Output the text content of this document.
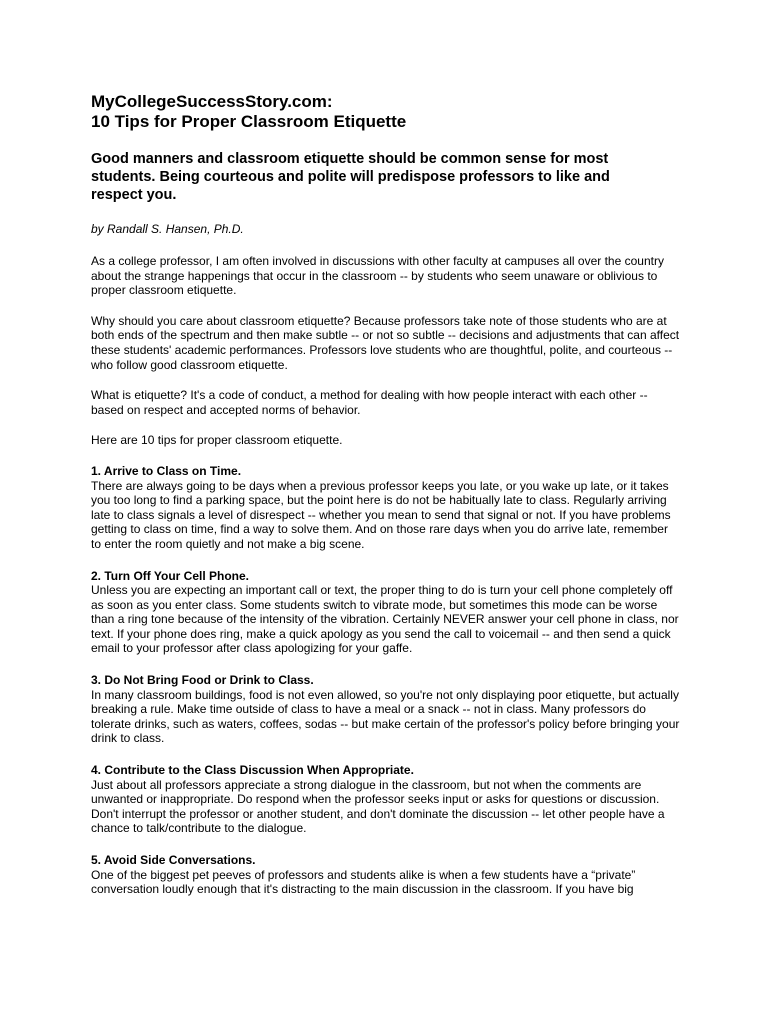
MyCollegeSuccessStory.com:
10 Tips for Proper Classroom Etiquette
Good manners and classroom etiquette should be common sense for most students. Being courteous and polite will predispose professors to like and respect you.
by Randall S. Hansen, Ph.D.

As a college professor, I am often involved in discussions with other faculty at campuses all over the country about the strange happenings that occur in the classroom -- by students who seem unaware or oblivious to proper classroom etiquette.

Why should you care about classroom etiquette? Because professors take note of those students who are at both ends of the spectrum and then make subtle -- or not so subtle -- decisions and adjustments that can affect these students' academic performances. Professors love students who are thoughtful, polite, and courteous -- who follow good classroom etiquette.

What is etiquette? It's a code of conduct, a method for dealing with how people interact with each other -- based on respect and accepted norms of behavior.

Here are 10 tips for proper classroom etiquette.

1. Arrive to Class on Time.
There are always going to be days when a previous professor keeps you late, or you wake up late, or it takes you too long to find a parking space, but the point here is do not be habitually late to class. Regularly arriving late to class signals a level of disrespect -- whether you mean to send that signal or not. If you have problems getting to class on time, find a way to solve them. And on those rare days when you do arrive late, remember to enter the room quietly and not make a big scene.
2. Turn Off Your Cell Phone.
Unless you are expecting an important call or text, the proper thing to do is turn your cell phone completely off as soon as you enter class. Some students switch to vibrate mode, but sometimes this mode can be worse than a ring tone because of the intensity of the vibration. Certainly NEVER answer your cell phone in class, nor text. If your phone does ring, make a quick apology as you send the call to voicemail -- and then send a quick email to your professor after class apologizing for your gaffe.
3. Do Not Bring Food or Drink to Class.
In many classroom buildings, food is not even allowed, so you're not only displaying poor etiquette, but actually breaking a rule. Make time outside of class to have a meal or a snack -- not in class. Many professors do tolerate drinks, such as waters, coffees, sodas -- but make certain of the professor's policy before bringing your drink to class.
4. Contribute to the Class Discussion When Appropriate.
Just about all professors appreciate a strong dialogue in the classroom, but not when the comments are unwanted or inappropriate. Do respond when the professor seeks input or asks for questions or discussion. Don't interrupt the professor or another student, and don't dominate the discussion -- let other people have a chance to talk/contribute to the dialogue.
5. Avoid Side Conversations.
One of the biggest pet peeves of professors and students alike is when a few students have a “private” conversation loudly enough that it's distracting to the main discussion in the classroom. If you have big
